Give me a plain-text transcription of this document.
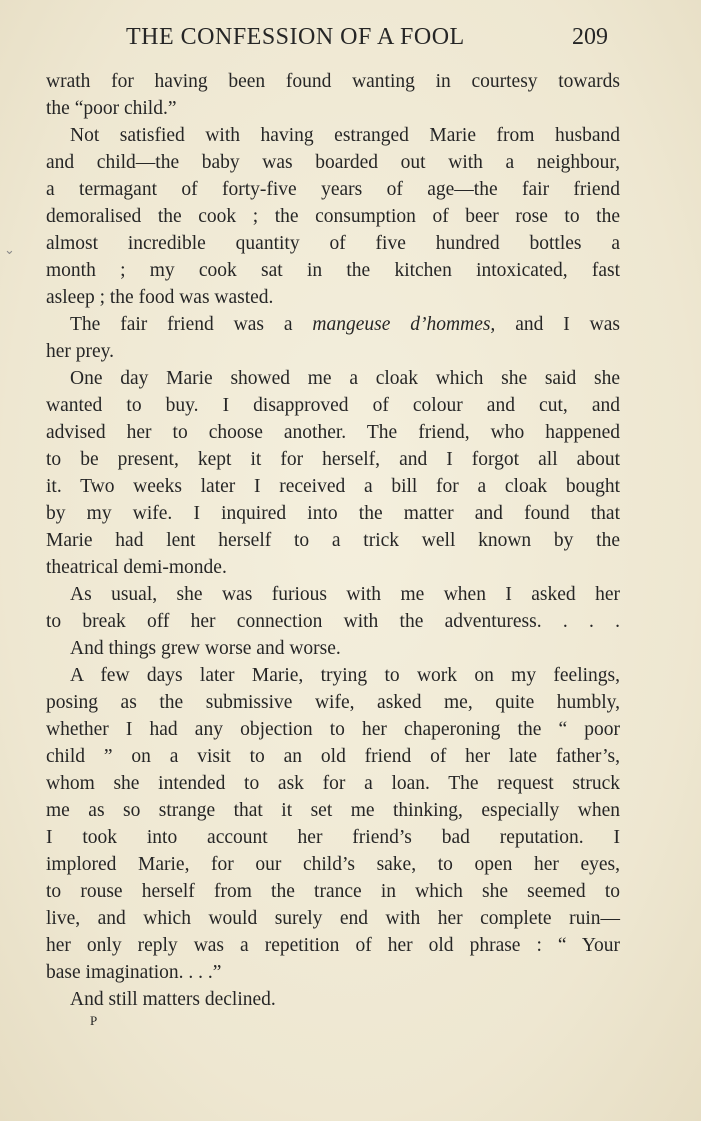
THE CONFESSION OF A FOOL	209
⌄
wrath for having been found wanting in courtesy towards
the “poor child.”
Not satisfied with having estranged Marie from husband
and child—the baby was boarded out with a neighbour,
a termagant of forty-five years of age—the fair friend
demoralised the cook ; the consumption of beer rose to the
almost incredible quantity of five hundred bottles a
month ; my cook sat in the kitchen intoxicated, fast
asleep ; the food was wasted.
The fair friend was a mangeuse d’hommes, and I was
her prey.
One day Marie showed me a cloak which she said she
wanted to buy. I disapproved of colour and cut, and
advised her to choose another. The friend, who happened
to be present, kept it for herself, and I forgot all about
it. Two weeks later I received a bill for a cloak bought
by my wife. I inquired into the matter and found that
Marie had lent herself to a trick well known by the
theatrical demi-monde.
As usual, she was furious with me when I asked her
to break off her connection with the adventuress. . . .
And things grew worse and worse.
A few days later Marie, trying to work on my feelings,
posing as the submissive wife, asked me, quite humbly,
whether I had any objection to her chaperoning the “ poor
child ” on a visit to an old friend of her late father’s,
whom she intended to ask for a loan. The request struck
me as so strange that it set me thinking, especially when
I took into account her friend’s bad reputation. I
implored Marie, for our child’s sake, to open her eyes,
to rouse herself from the trance in which she seemed to
live, and which would surely end with her complete ruin—
her only reply was a repetition of her old phrase : “ Your
base imagination. . . .”
And still matters declined.
P
